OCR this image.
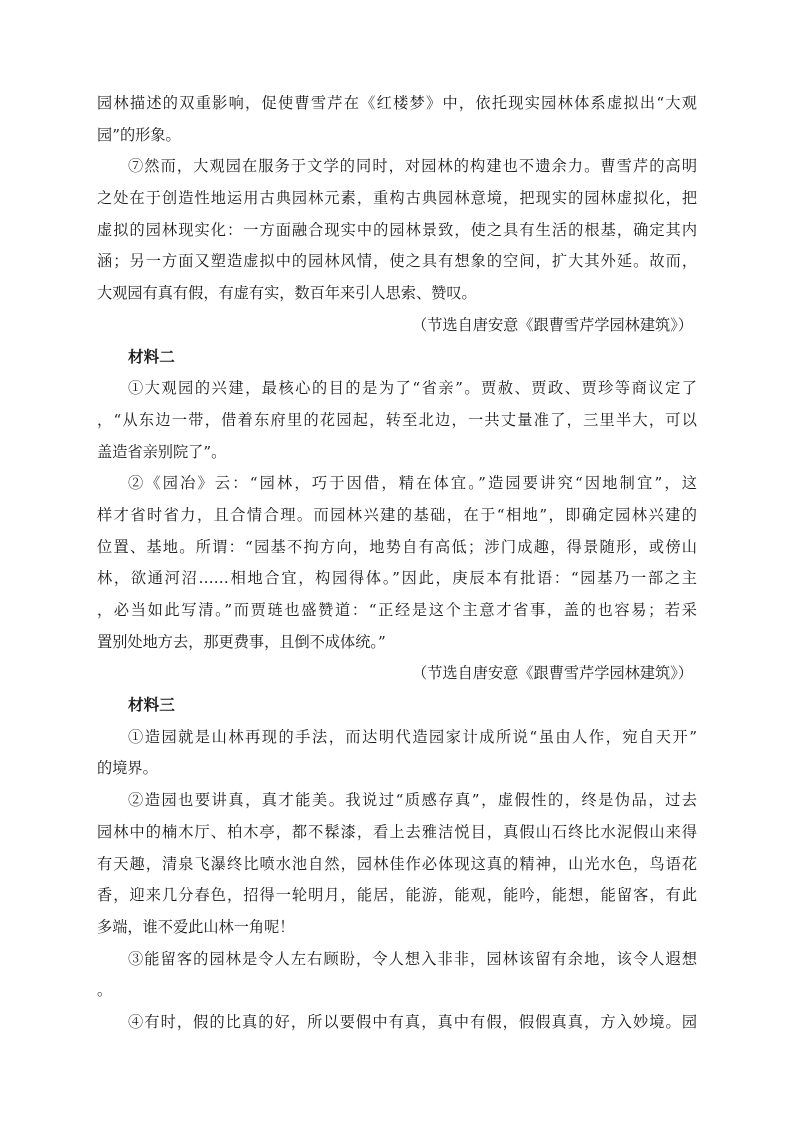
园林描述的双重影响，促使曹雪芹在《红楼梦》中，依托现实园林体系虚拟出“大观
园”的形象。
⑦然而，大观园在服务于文学的同时，对园林的构建也不遗余力。曹雪芹的高明
之处在于创造性地运用古典园林元素，重构古典园林意境，把现实的园林虚拟化，把
虚拟的园林现实化：一方面融合现实中的园林景致，使之具有生活的根基，确定其内
涵；另一方面又塑造虚拟中的园林风情，使之具有想象的空间，扩大其外延。故而，
大观园有真有假，有虚有实，数百年来引人思索、赞叹。
（节选自唐安意《跟曹雪芹学园林建筑》）
材料二
①大观园的兴建，最核心的目的是为了“省亲”。贾赦、贾政、贾珍等商议定了
，“从东边一带，借着东府里的花园起，转至北边，一共丈量准了，三里半大，可以
盖造省亲别院了”。
②《园冶》云：“园林，巧于因借，精在体宜。”造园要讲究“因地制宜”，这
样才省时省力，且合情合理。而园林兴建的基础，在于“相地”，即确定园林兴建的
位置、基地。所谓：“园基不拘方向，地势自有高低；涉门成趣，得景随形，或傍山
林，欲通河沼……相地合宜，构园得体。”因此，庚辰本有批语：“园基乃一部之主
，必当如此写清。”而贾琏也盛赞道：“正经是这个主意才省事，盖的也容易；若采
置别处地方去，那更费事，且倒不成体统。”
（节选自唐安意《跟曹雪芹学园林建筑》）
材料三
①造园就是山林再现的手法，而达明代造园家计成所说“虽由人作，宛自天开”
的境界。
②造园也要讲真，真才能美。我说过“质感存真”，虚假性的，终是伪品，过去
园林中的楠木厅、柏木亭，都不髹漆，看上去雅洁悦目，真假山石终比水泥假山来得
有天趣，清泉飞瀑终比喷水池自然，园林佳作必体现这真的精神，山光水色，鸟语花
香，迎来几分春色，招得一轮明月，能居，能游，能观，能吟，能想，能留客，有此
多端，谁不爱此山林一角呢！
③能留客的园林是令人左右顾盼，令人想入非非，园林该留有余地，该令人遐想
。
④有时，假的比真的好，所以要假中有真，真中有假，假假真真，方入妙境。园
